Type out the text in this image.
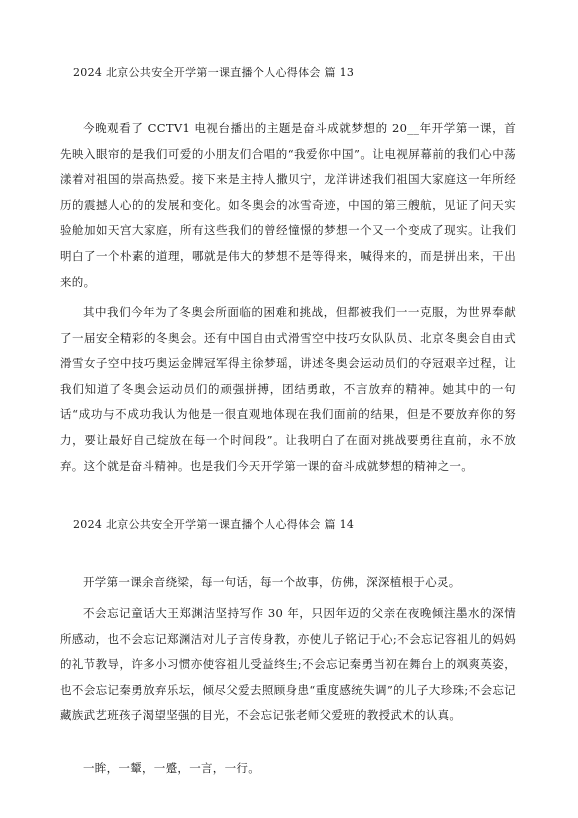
2024 北京公共安全开学第一课直播个人心得体会 篇 13

今晚观看了 CCTV1 电视台播出的主题是奋斗成就梦想的 20__年开学第一课，首先映入眼帘的是我们可爱的小朋友们合唱的“我爱你中国”。让电视屏幕前的我们心中荡漾着对祖国的崇高热爱。接下来是主持人撒贝宁，龙洋讲述我们祖国大家庭这一年所经历的震撼人心的的发展和变化。如冬奥会的冰雪奇迹，中国的第三艘航，见证了问天实验舱加如天宫大家庭，所有这些我们的曾经憧憬的梦想一个又一个变成了现实。让我们明白了一个朴素的道理，哪就是伟大的梦想不是等得来，喊得来的，而是拼出来，干出来的。

其中我们今年为了冬奥会所面临的困难和挑战，但都被我们一一克服，为世界奉献了一届安全精彩的冬奥会。还有中国自由式滑雪空中技巧女队队员、北京冬奥会自由式滑雪女子空中技巧奥运金牌冠军得主徐梦瑶，讲述冬奥会运动员们的夺冠艰辛过程，让我们知道了冬奥会运动员们的顽强拼搏，团结勇敢，不言放弃的精神。她其中的一句话“成功与不成功我认为他是一很直观地体现在我们面前的结果，但是不要放弃你的努力，要让最好自己绽放在每一个时间段”。让我明白了在面对挑战要勇往直前，永不放弃。这个就是奋斗精神。也是我们今天开学第一课的奋斗成就梦想的精神之一。

2024 北京公共安全开学第一课直播个人心得体会 篇 14

开学第一课余音绕梁，每一句话，每一个故事，仿佛，深深植根于心灵。

不会忘记童话大王郑渊洁坚持写作 30 年，只因年迈的父亲在夜晚倾注墨水的深情所感动，也不会忘记郑渊洁对儿子言传身教，亦使儿子铭记于心;不会忘记容祖儿的妈妈的礼节教导，许多小习惯亦使容祖儿受益终生;不会忘记秦勇当初在舞台上的飒爽英姿，也不会忘记秦勇放弃乐坛，倾尽父爱去照顾身患“重度感统失调”的儿子大珍珠;不会忘记藏族武艺班孩子渴望坚强的目光，不会忘记张老师父爱班的教授武术的认真。

一眸，一颦，一蹙，一言，一行。
